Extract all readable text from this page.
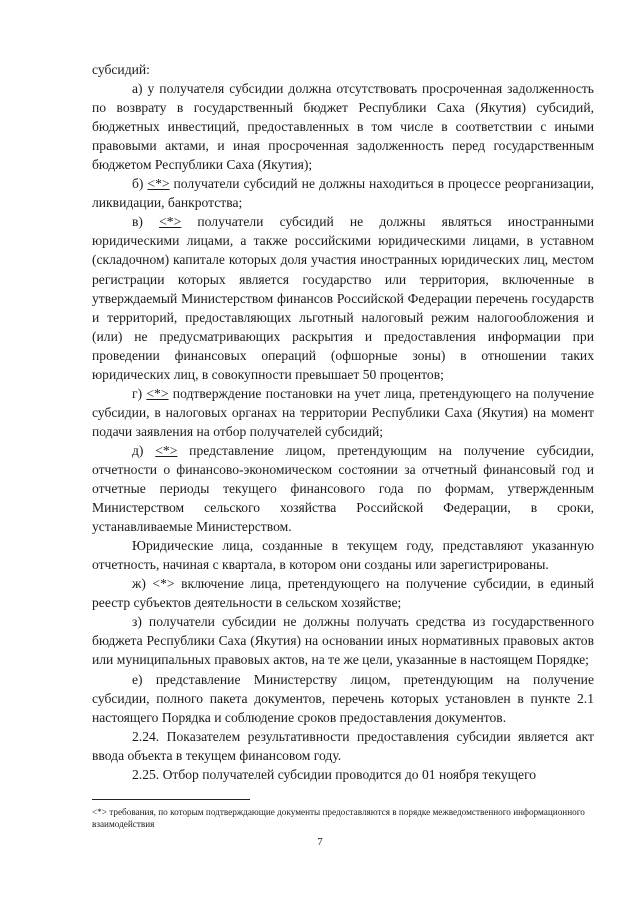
субсидий:

а) у получателя субсидии должна отсутствовать просроченная задолженность по возврату в государственный бюджет Республики Саха (Якутия) субсидий, бюджетных инвестиций, предоставленных в том числе в соответствии с иными правовыми актами, и иная просроченная задолженность перед государственным бюджетом Республики Саха (Якутия);

б) <*> получатели субсидий не должны находиться в процессе реорганизации, ликвидации, банкротства;

в) <*> получатели субсидий не должны являться иностранными юридическими лицами, а также российскими юридическими лицами, в уставном (складочном) капитале которых доля участия иностранных юридических лиц, местом регистрации которых является государство или территория, включенные в утверждаемый Министерством финансов Российской Федерации перечень государств и территорий, предоставляющих льготный налоговый режим налогообложения и (или) не предусматривающих раскрытия и предоставления информации при проведении финансовых операций (офшорные зоны) в отношении таких юридических лиц, в совокупности превышает 50 процентов;

г) <*> подтверждение постановки на учет лица, претендующего на получение субсидии, в налоговых органах на территории Республики Саха (Якутия) на момент подачи заявления на отбор получателей субсидий;

д) <*> представление лицом, претендующим на получение субсидии, отчетности о финансово-экономическом состоянии за отчетный финансовый год и отчетные периоды текущего финансового года по формам, утвержденным Министерством сельского хозяйства Российской Федерации, в сроки, устанавливаемые Министерством.

Юридические лица, созданные в текущем году, представляют указанную отчетность, начиная с квартала, в котором они созданы или зарегистрированы.

ж) <*> включение лица, претендующего на получение субсидии, в единый реестр субъектов деятельности в сельском хозяйстве;

з) получатели субсидии не должны получать средства из государственного бюджета Республики Саха (Якутия) на основании иных нормативных правовых актов или муниципальных правовых актов, на те же цели, указанные в настоящем Порядке;

е) представление Министерству лицом, претендующим на получение субсидии, полного пакета документов, перечень которых установлен в пункте 2.1 настоящего Порядка и соблюдение сроков предоставления документов.

2.24. Показателем результативности предоставления субсидии является акт ввода объекта в текущем финансовом году.

2.25. Отбор получателей субсидии проводится до 01 ноября текущего

<*> требования, по которым подтверждающие документы предоставляются в порядке межведомственного информационного взаимодействия
7
